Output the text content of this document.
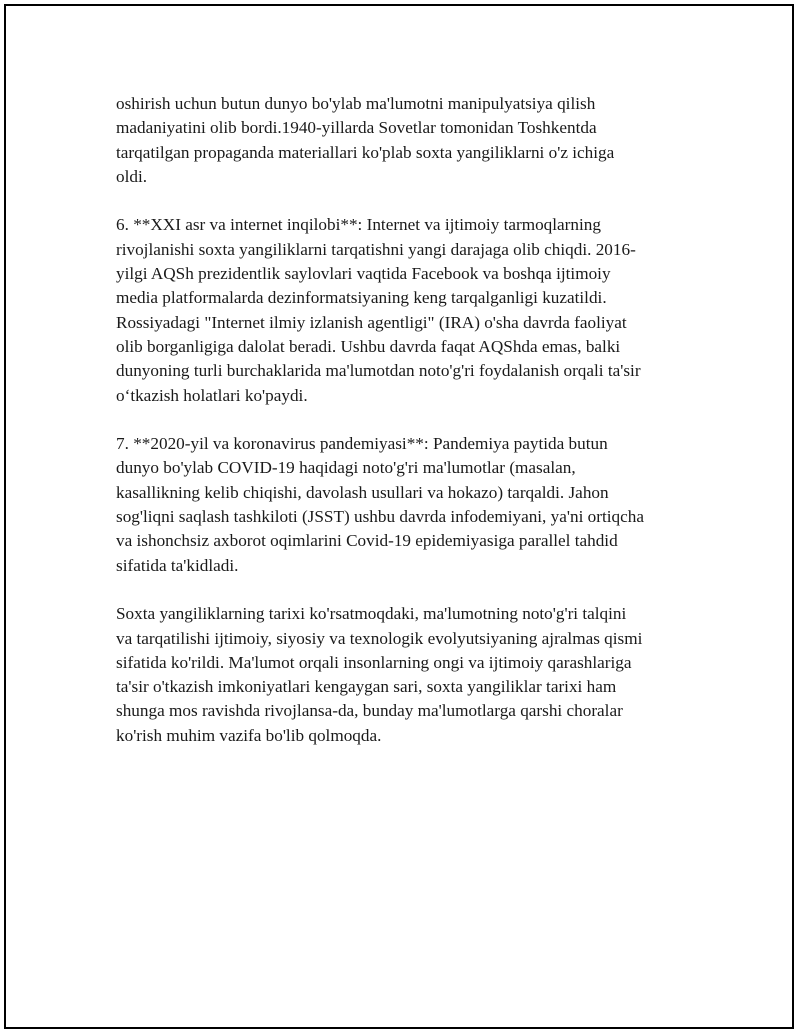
oshirish uchun butun dunyo bo'ylab ma'lumotni manipulyatsiya qilish
madaniyatini olib bordi.1940-yillarda Sovetlar tomonidan Toshkentda
tarqatilgan propaganda materiallari ko'plab soxta yangiliklarni o'z ichiga
oldi.

6. **XXI asr va internet inqilobi**: Internet va ijtimoiy tarmoqlarning
rivojlanishi soxta yangiliklarni tarqatishni yangi darajaga olib chiqdi. 2016-
yilgi AQSh prezidentlik saylovlari vaqtida Facebook va boshqa ijtimoiy
media platformalarda dezinformatsiyaning keng tarqalganligi kuzatildi.
Rossiyadagi "Internet ilmiy izlanish agentligi" (IRA) o'sha davrda faoliyat
olib borganligiga dalolat beradi. Ushbu davrda faqat AQShda emas, balki
dunyoning turli burchaklarida ma'lumotdan noto'g'ri foydalanish orqali ta'sir
o‘tkazish holatlari ko'paydi.

7. **2020-yil va koronavirus pandemiyasi**: Pandemiya paytida butun
dunyo bo'ylab COVID-19 haqidagi noto'g'ri ma'lumotlar (masalan,
kasallikning kelib chiqishi, davolash usullari va hokazo) tarqaldi. Jahon
sog'liqni saqlash tashkiloti (JSST) ushbu davrda infodemiyani, ya'ni ortiqcha
va ishonchsiz axborot oqimlarini Covid-19 epidemiyasiga parallel tahdid
sifatida ta'kidladi.

Soxta yangiliklarning tarixi ko'rsatmoqdaki, ma'lumotning noto'g'ri talqini
va tarqatilishi ijtimoiy, siyosiy va texnologik evolyutsiyaning ajralmas qismi
sifatida ko'rildi. Ma'lumot orqali insonlarning ongi va ijtimoiy qarashlariga
ta'sir o'tkazish imkoniyatlari kengaygan sari, soxta yangiliklar tarixi ham
shunga mos ravishda rivojlansa-da, bunday ma'lumotlarga qarshi choralar
ko'rish muhim vazifa bo'lib qolmoqda.
